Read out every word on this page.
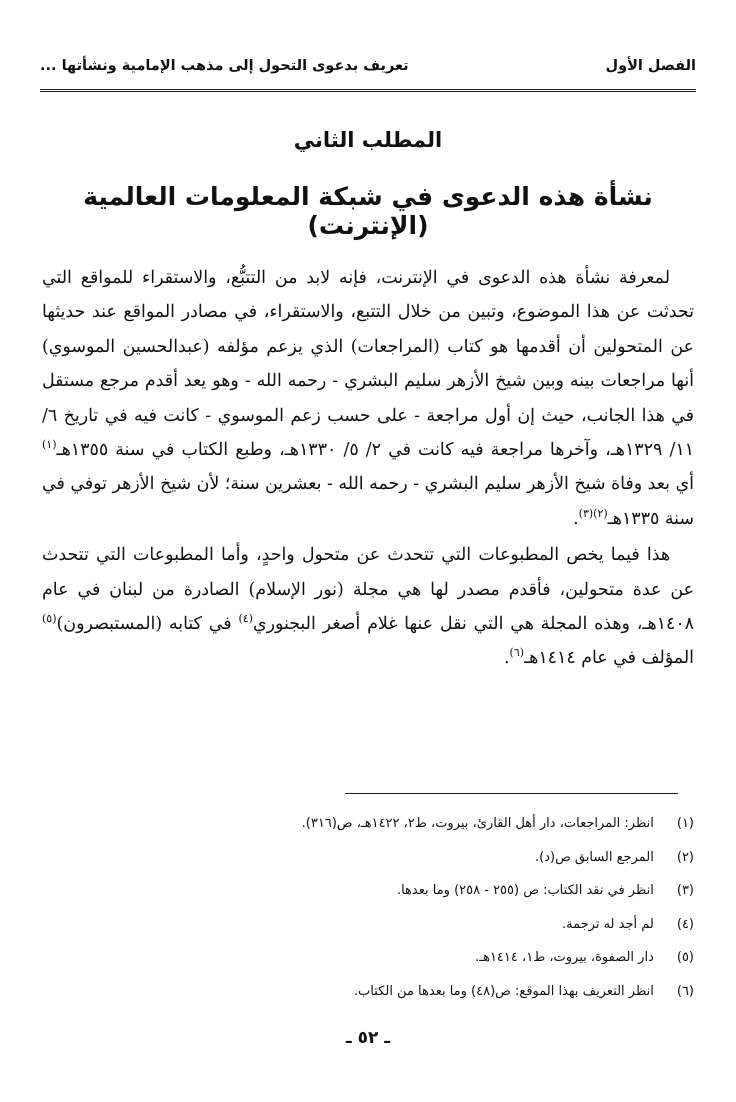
الفصل الأول
تعريف بدعوى التحول إلى مذهب الإمامية ونشأتها ...
المطلب الثاني
نشأة هذه الدعوى في شبكة المعلومات العالمية (الإنترنت)

لمعرفة نشأة هذه الدعوى في الإنترنت، فإنه لابد من التتبُّع، والاستقراء للمواقع التي تحدثت عن هذا الموضوع، وتبين من خلال التتبع، والاستقراء، في مصادر المواقع عند حديثها عن المتحولين أن أقدمها هو كتاب (المراجعات) الذي يزعم مؤلفه (عبدالحسين الموسوي) أنها مراجعات بينه وبين شيخ الأزهر سليم البشري - رحمه الله - وهو يعد أقدم مرجع مستقل في هذا الجانب، حيث إن أول مراجعة - على حسب زعم الموسوي - كانت فيه في تاريخ ٦/ ١١/ ١٣٢٩هـ، وآخرها مراجعة فيه كانت في ٢/ ٥/ ١٣٣٠هـ، وطبع الكتاب في سنة ١٣٥٥هـ$^{(١)}$ أي بعد وفاة شيخ الأزهر سليم البشري - رحمه الله - بعشرين سنة؛ لأن شيخ الأزهر توفي في سنة ١٣٣٥هـ$^{(٢)(٣)}$.

هذا فيما يخص المطبوعات التي تتحدث عن متحول واحدٍ، وأما المطبوعات التي تتحدث عن عدة متحولين، فأقدم مصدر لها هي مجلة (نور الإسلام) الصادرة من لبنان في عام ١٤٠٨هـ، وهذه المجلة هي التي نقل عنها غلام أصغر البجنوري$^{(٤)}$ في كتابه (المستبصرون)$^{(٥)}$ المؤلف في عام ١٤١٤هـ$^{(٦)}$.

(١) انظر: المراجعات، دار أهل القارئ، بيروت، ط٢، ١٤٢٢هـ، ص(٣١٦).
(٢) المرجع السابق ص(د).
(٣) انظر في نقد الكتاب: ص (٢٥٥ - ٢٥٨) وما بعدها.
(٤) لم أجد له ترجمة.
(٥) دار الصفوة، بيروت، ط١، ١٤١٤هـ.
(٦) انظر التعريف بهذا الموقع: ص(٤٨) وما بعدها من الكتاب.
ـ ٥٢ ـ
